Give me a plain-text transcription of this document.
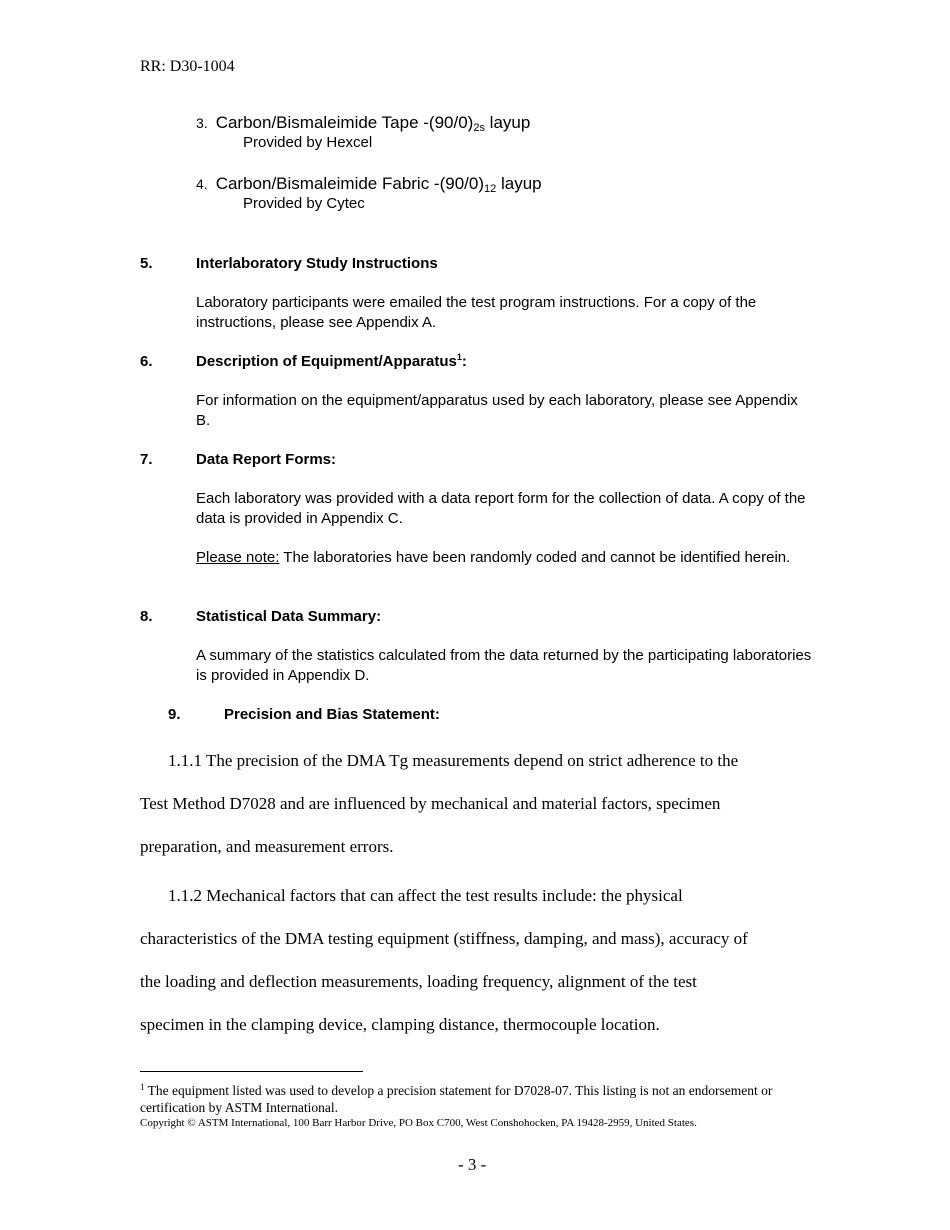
RR: D30-1004
3. Carbon/Bismaleimide Tape $-(90/0)_{2s}$ layup
Provided by Hexcel
4. Carbon/Bismaleimide Fabric $-(90/0)_{12}$ layup
Provided by Cytec
5.	Interlaboratory Study Instructions
Laboratory participants were emailed the test program instructions. For a copy of the instructions, please see Appendix A.
6.	Description of Equipment/Apparatus$^1$:
For information on the equipment/apparatus used by each laboratory, please see Appendix B.
7.	Data Report Forms:
Each laboratory was provided with a data report form for the collection of data. A copy of the data is provided in Appendix C.
Please note: The laboratories have been randomly coded and cannot be identified herein.
8.	Statistical Data Summary:
A summary of the statistics calculated from the data returned by the participating laboratories is provided in Appendix D.
9.	Precision and Bias Statement:
1.1.1 The precision of the DMA Tg measurements depend on strict adherence to the
Test Method D7028 and are influenced by mechanical and material factors, specimen
preparation, and measurement errors.
1.1.2 Mechanical factors that can affect the test results include: the physical
characteristics of the DMA testing equipment (stiffness, damping, and mass), accuracy of
the loading and deflection measurements, loading frequency, alignment of the test
specimen in the clamping device, clamping distance, thermocouple location.
$^1$ The equipment listed was used to develop a precision statement for D7028-07. This listing is not an endorsement or certification by ASTM International.
Copyright © ASTM International, 100 Barr Harbor Drive, PO Box C700, West Conshohocken, PA 19428-2959, United States.
- 3 -
